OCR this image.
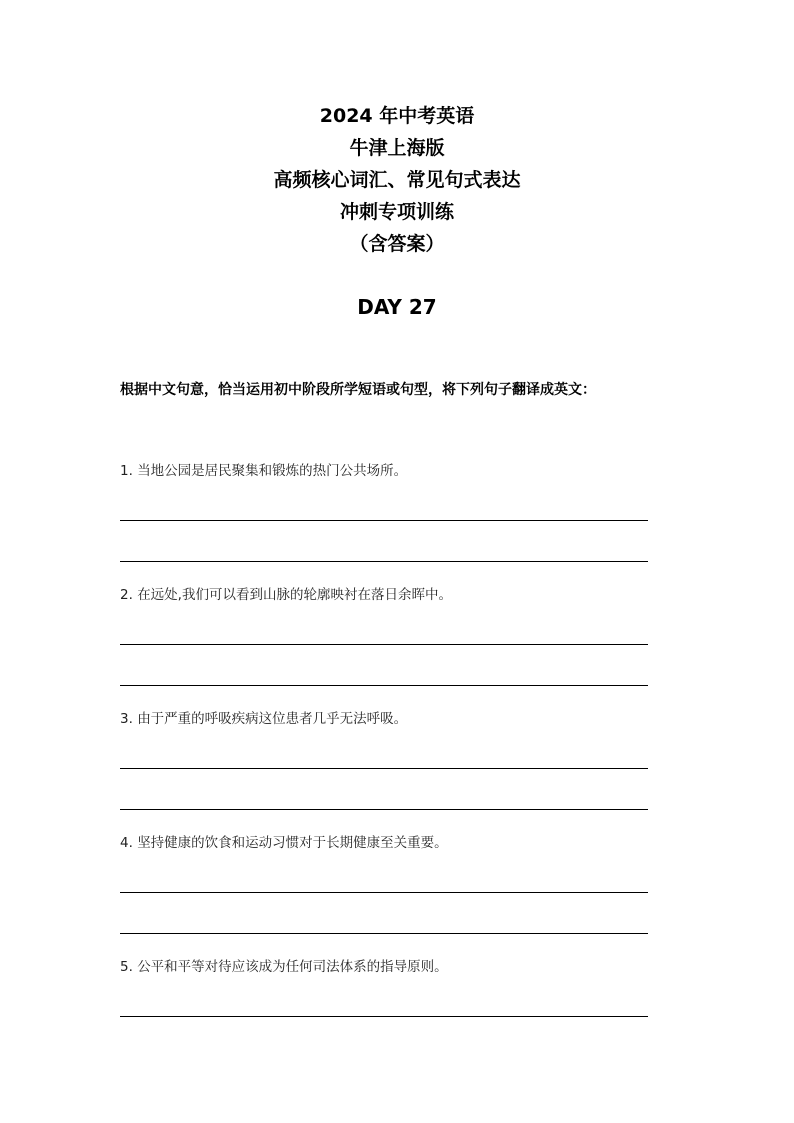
2024 年中考英语
牛津上海版
高频核心词汇、常见句式表达
冲刺专项训练
（含答案）
DAY 27
根据中文句意，恰当运用初中阶段所学短语或句型，将下列句子翻译成英文：
1. 当地公园是居民聚集和锻炼的热门公共场所。
2. 在远处,我们可以看到山脉的轮廓映衬在落日余晖中。
3. 由于严重的呼吸疾病这位患者几乎无法呼吸。
4. 坚持健康的饮食和运动习惯对于长期健康至关重要。
5. 公平和平等对待应该成为任何司法体系的指导原则。
